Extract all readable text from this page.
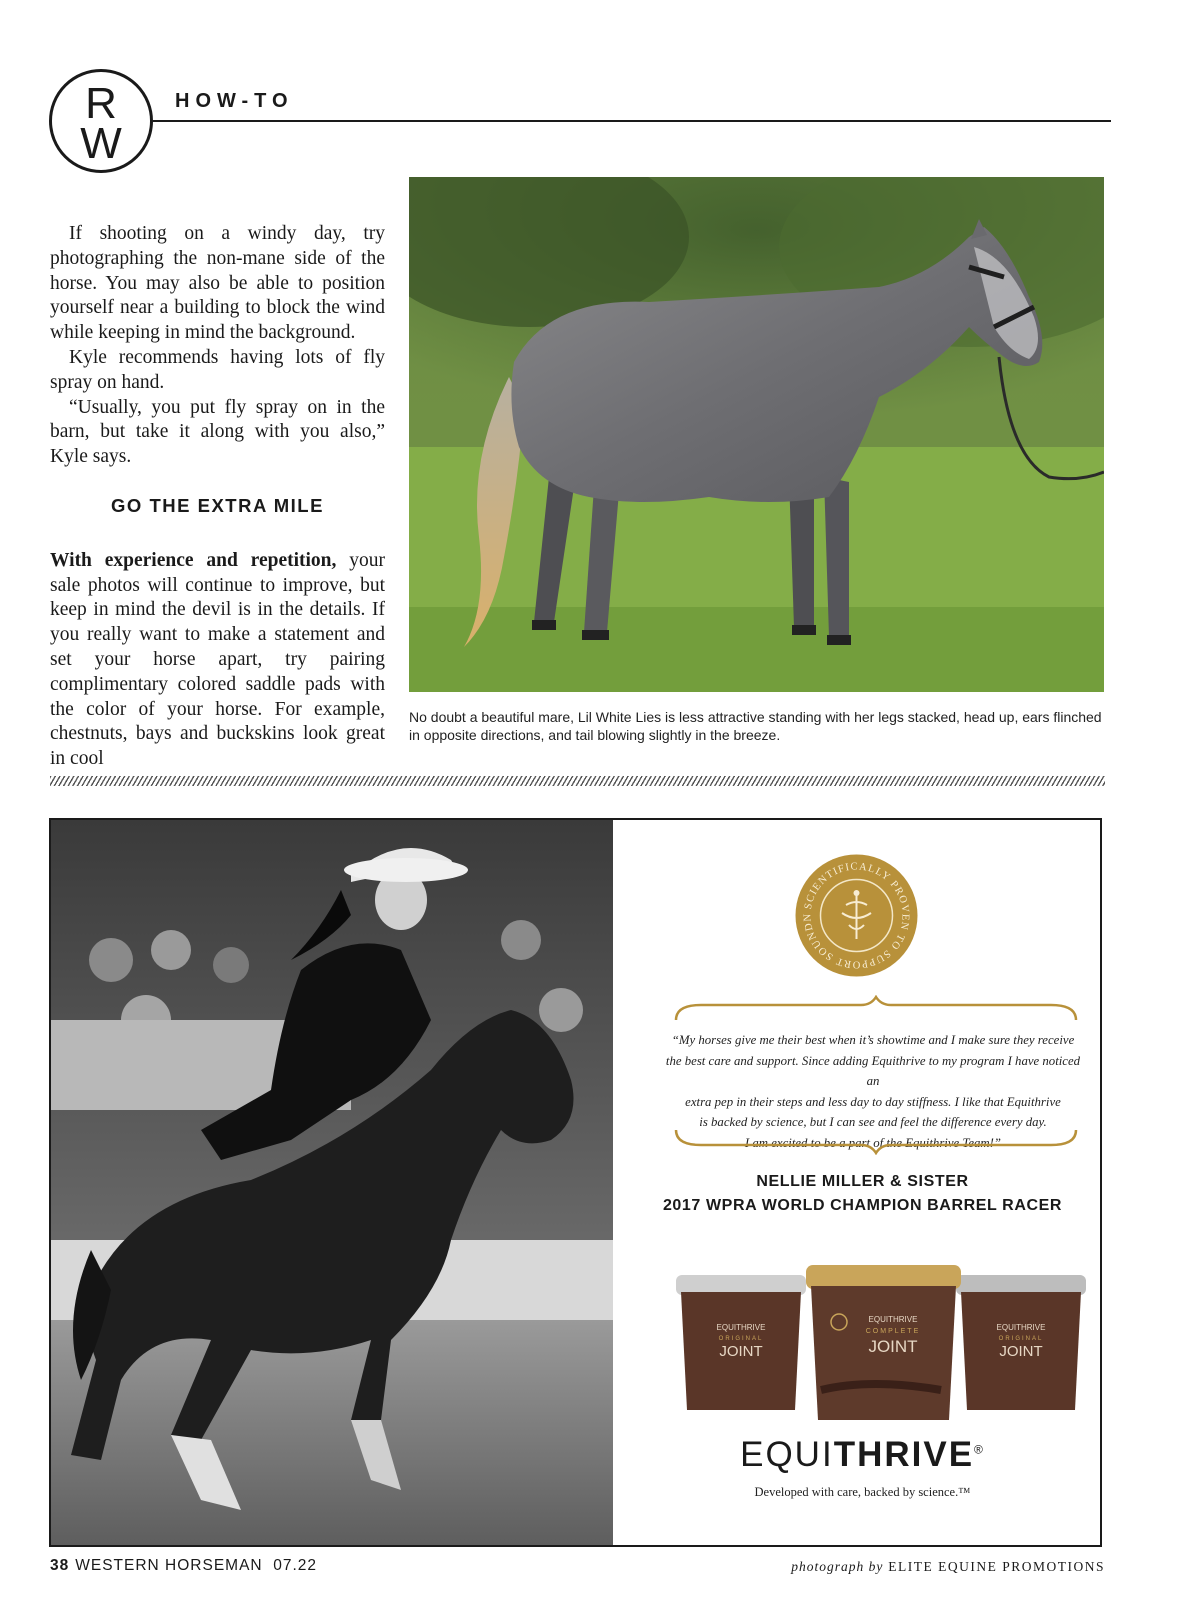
R
W
HOW-TO

If shooting on a windy day, try photographing the non-mane side of the horse. You may also be able to position yourself near a building to block the wind while keeping in mind the background.

Kyle recommends having lots of fly spray on hand.

“Usually, you put fly spray on in the barn, but take it along with you also,” Kyle says.

GO THE EXTRA MILE

With experience and repetition, your sale photos will continue to improve, but keep in mind the devil is in the details. If you really want to make a statement and set your horse apart, try pairing complimentary colored saddle pads with the color of your horse. For example, chestnuts, bays and buckskins look great in cool

No doubt a beautiful mare, Lil White Lies is less attractive standing with her legs stacked, head up, ears flinched in opposite directions, and tail blowing slightly in the breeze.
SCIENTIFICALLY PROVEN TO SUPPORT SOUNDN
“My horses give me their best when it’s showtime and I make sure they receive
the best care and support. Since adding Equithrive to my program I have noticed an
extra pep in their steps and less day to day stiffness. I like that Equithrive
is backed by science, but I can see and feel the difference every day.
I am excited to be a part of the Equithrive Team!”
NELLIE MILLER & SISTER
2017 WPRA WORLD CHAMPION BARREL RACER
EQUITHRIVE
ORIGINAL
JOINT
EQUITHRIVE
ORIGINAL
JOINT
EQUITHRIVE
COMPLETE
JOINT
EQUITHRIVE®
Developed with care, backed by science.™
38 WESTERN HORSEMAN 07.22	photograph by ELITE EQUINE PROMOTIONS
